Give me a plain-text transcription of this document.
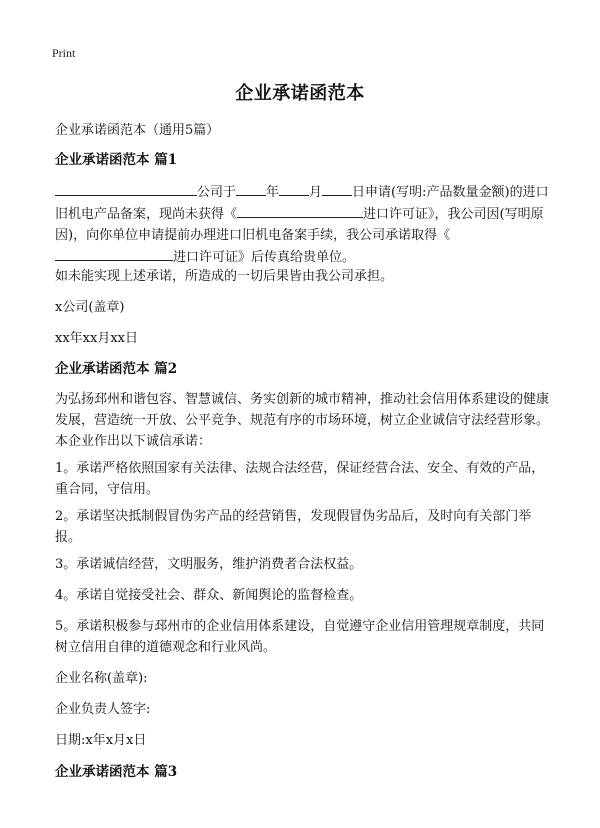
Print
企业承诺函范本
企业承诺函范本（通用5篇）
企业承诺函范本 篇1
公司于 年 月 日申请(写明:产品数量金额)的进口旧机电产品备案，现尚未获得《	进口许可证》，我公司因(写明原因)，向你单位申请提前办理进口旧机电备案手续，我公司承诺取得《进口许可证》后传真给贵单位。
如未能实现上述承诺，所造成的一切后果皆由我公司承担。
x公司(盖章)
xx年xx月xx日
企业承诺函范本 篇2
为弘扬邳州和谐包容、智慧诚信、务实创新的城市精神，推动社会信用体系建设的健康发展，营造统一开放、公平竞争、规范有序的市场环境，树立企业诚信守法经营形象。本企业作出以下诚信承诺：
1。承诺严格依照国家有关法律、法规合法经营，保证经营合法、安全、有效的产品，重合同，守信用。
2。承诺坚决抵制假冒伪劣产品的经营销售，发现假冒伪劣品后，及时向有关部门举报。
3。承诺诚信经营，文明服务，维护消费者合法权益。
4。承诺自觉接受社会、群众、新闻舆论的监督检查。
5。承诺积极参与邳州市的企业信用体系建设，自觉遵守企业信用管理规章制度，共同树立信用自律的道德观念和行业风尚。
企业名称(盖章):
企业负责人签字:
日期:x年x月x日
企业承诺函范本 篇3
